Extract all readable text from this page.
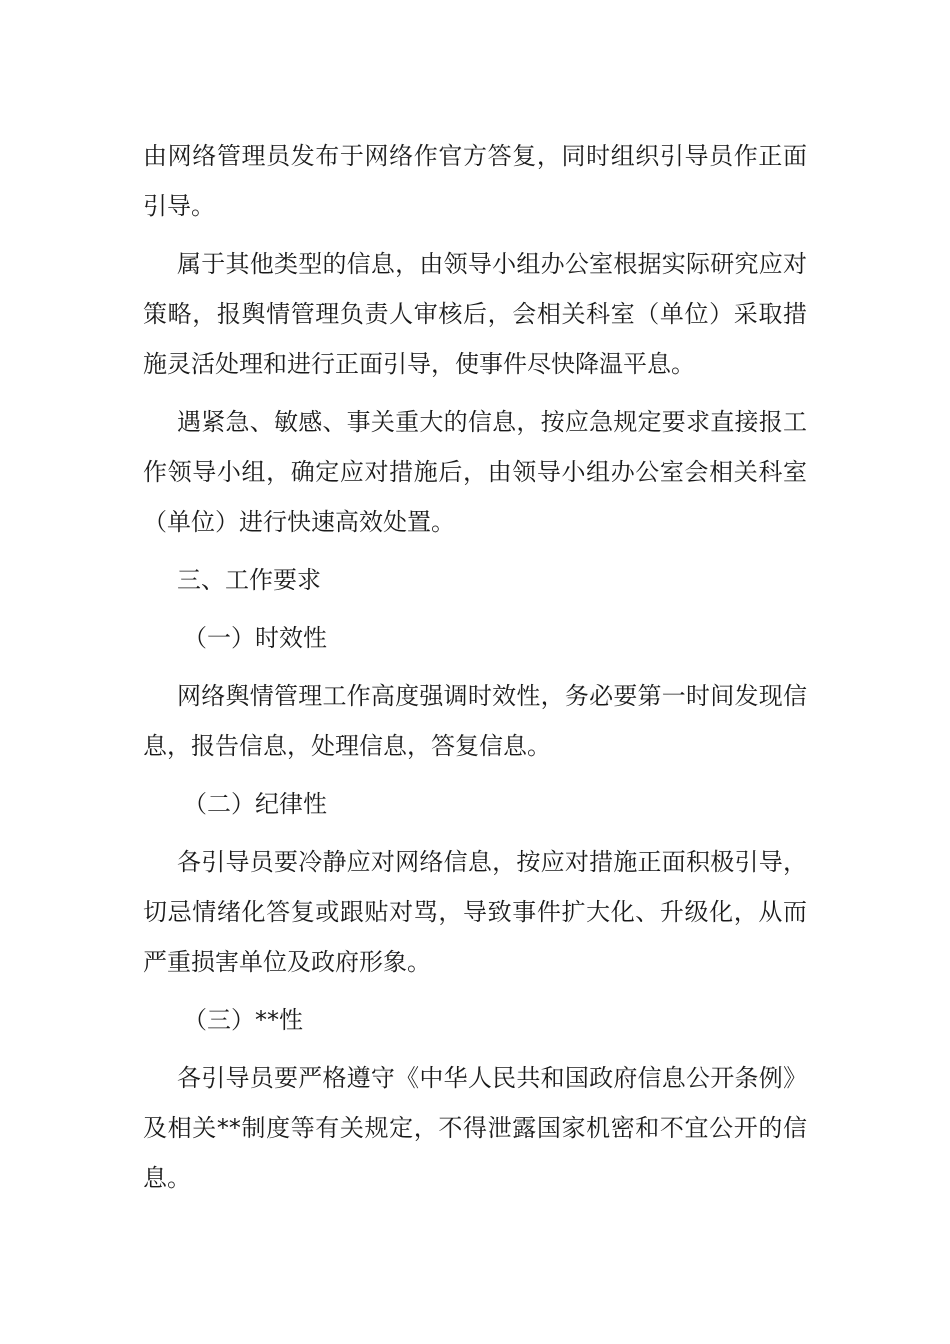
由网络管理员发布于网络作官方答复，同时组织引导员作正面引导。

属于其他类型的信息，由领导小组办公室根据实际研究应对策略，报舆情管理负责人审核后，会相关科室（单位）采取措施灵活处理和进行正面引导，使事件尽快降温平息。

遇紧急、敏感、事关重大的信息，按应急规定要求直接报工作领导小组，确定应对措施后，由领导小组办公室会相关科室（单位）进行快速高效处置。

三、工作要求

（一）时效性

网络舆情管理工作高度强调时效性，务必要第一时间发现信息，报告信息，处理信息，答复信息。

（二）纪律性

各引导员要冷静应对网络信息，按应对措施正面积极引导，切忌情绪化答复或跟贴对骂，导致事件扩大化、升级化，从而严重损害单位及政府形象。

（三）**性

各引导员要严格遵守《中华人民共和国政府信息公开条例》及相关**制度等有关规定，不得泄露国家机密和不宜公开的信息。
